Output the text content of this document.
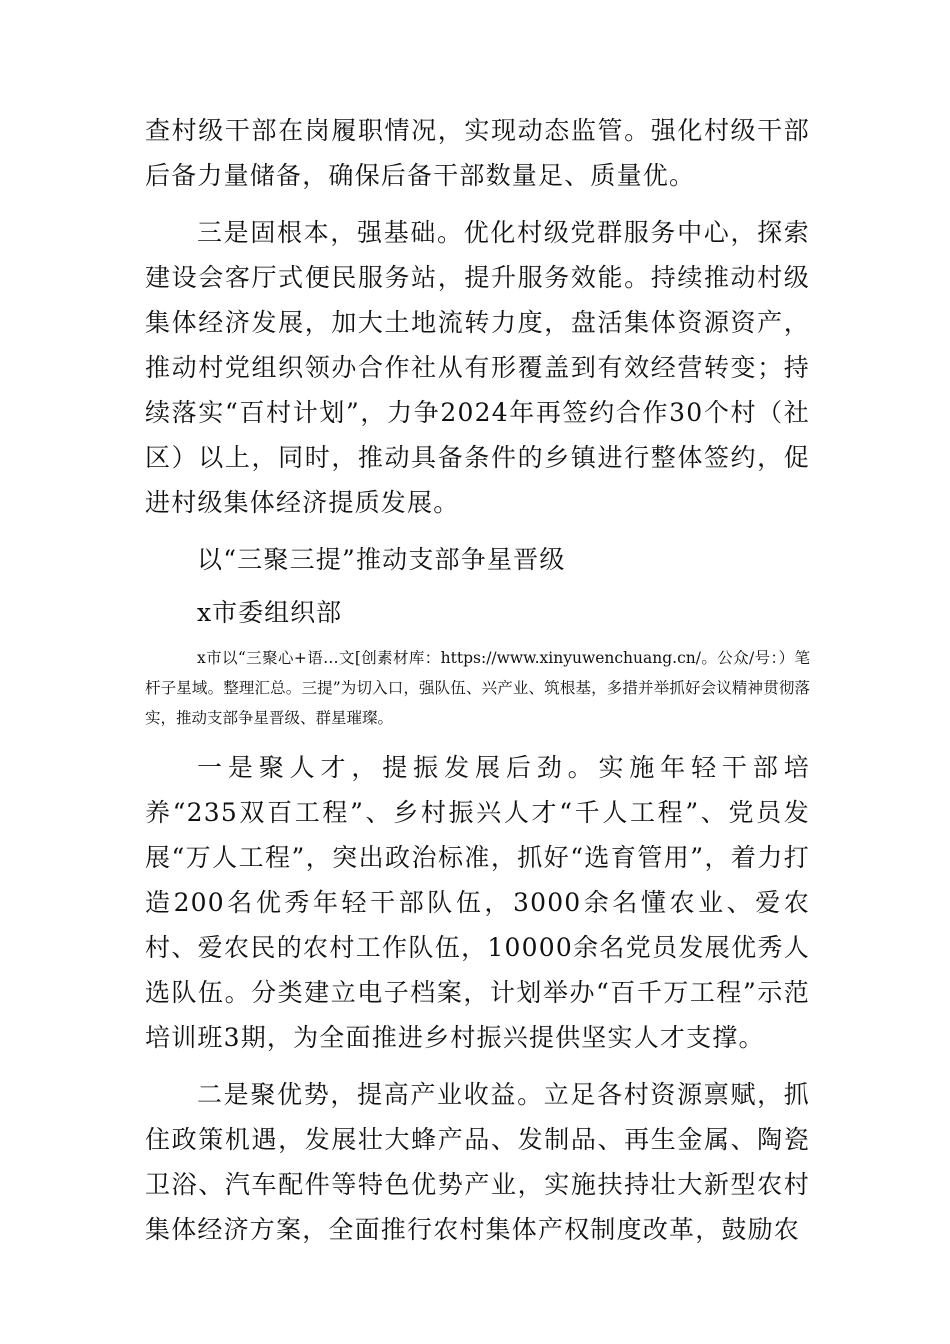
查村级干部在岗履职情况，实现动态监管。强化村级干部后备力量储备，确保后备干部数量足、质量优。

三是固根本，强基础。优化村级党群服务中心，探索建设会客厅式便民服务站，提升服务效能。持续推动村级集体经济发展，加大土地流转力度，盘活集体资源资产，推动村党组织领办合作社从有形覆盖到有效经营转变；持续落实“百村计划”，力争2024年再签约合作30个村（社区）以上，同时，推动具备条件的乡镇进行整体签约，促进村级集体经济提质发展。

以“三聚三提”推动支部争星晋级

x市委组织部

x市以“三聚心+语…文[创素材库：https://www.xinyuwenchuang.cn/。公众/号：）笔杆子星域。整理汇总。三提”为切入口，强队伍、兴产业、筑根基，多措并举抓好会议精神贯彻落实，推动支部争星晋级、群星璀璨。

一是聚人才，提振发展后劲。实施年轻干部培养“235双百工程”、乡村振兴人才“千人工程”、党员发展“万人工程”，突出政治标准，抓好“选育管用”，着力打造200名优秀年轻干部队伍，3000余名懂农业、爱农村、爱农民的农村工作队伍，10000余名党员发展优秀人选队伍。分类建立电子档案，计划举办“百千万工程”示范培训班3期，为全面推进乡村振兴提供坚实人才支撑。

二是聚优势，提高产业收益。立足各村资源禀赋，抓住政策机遇，发展壮大蜂产品、发制品、再生金属、陶瓷卫浴、汽车配件等特色优势产业，实施扶持壮大新型农村集体经济方案，全面推行农村集体产权制度改革，鼓励农
